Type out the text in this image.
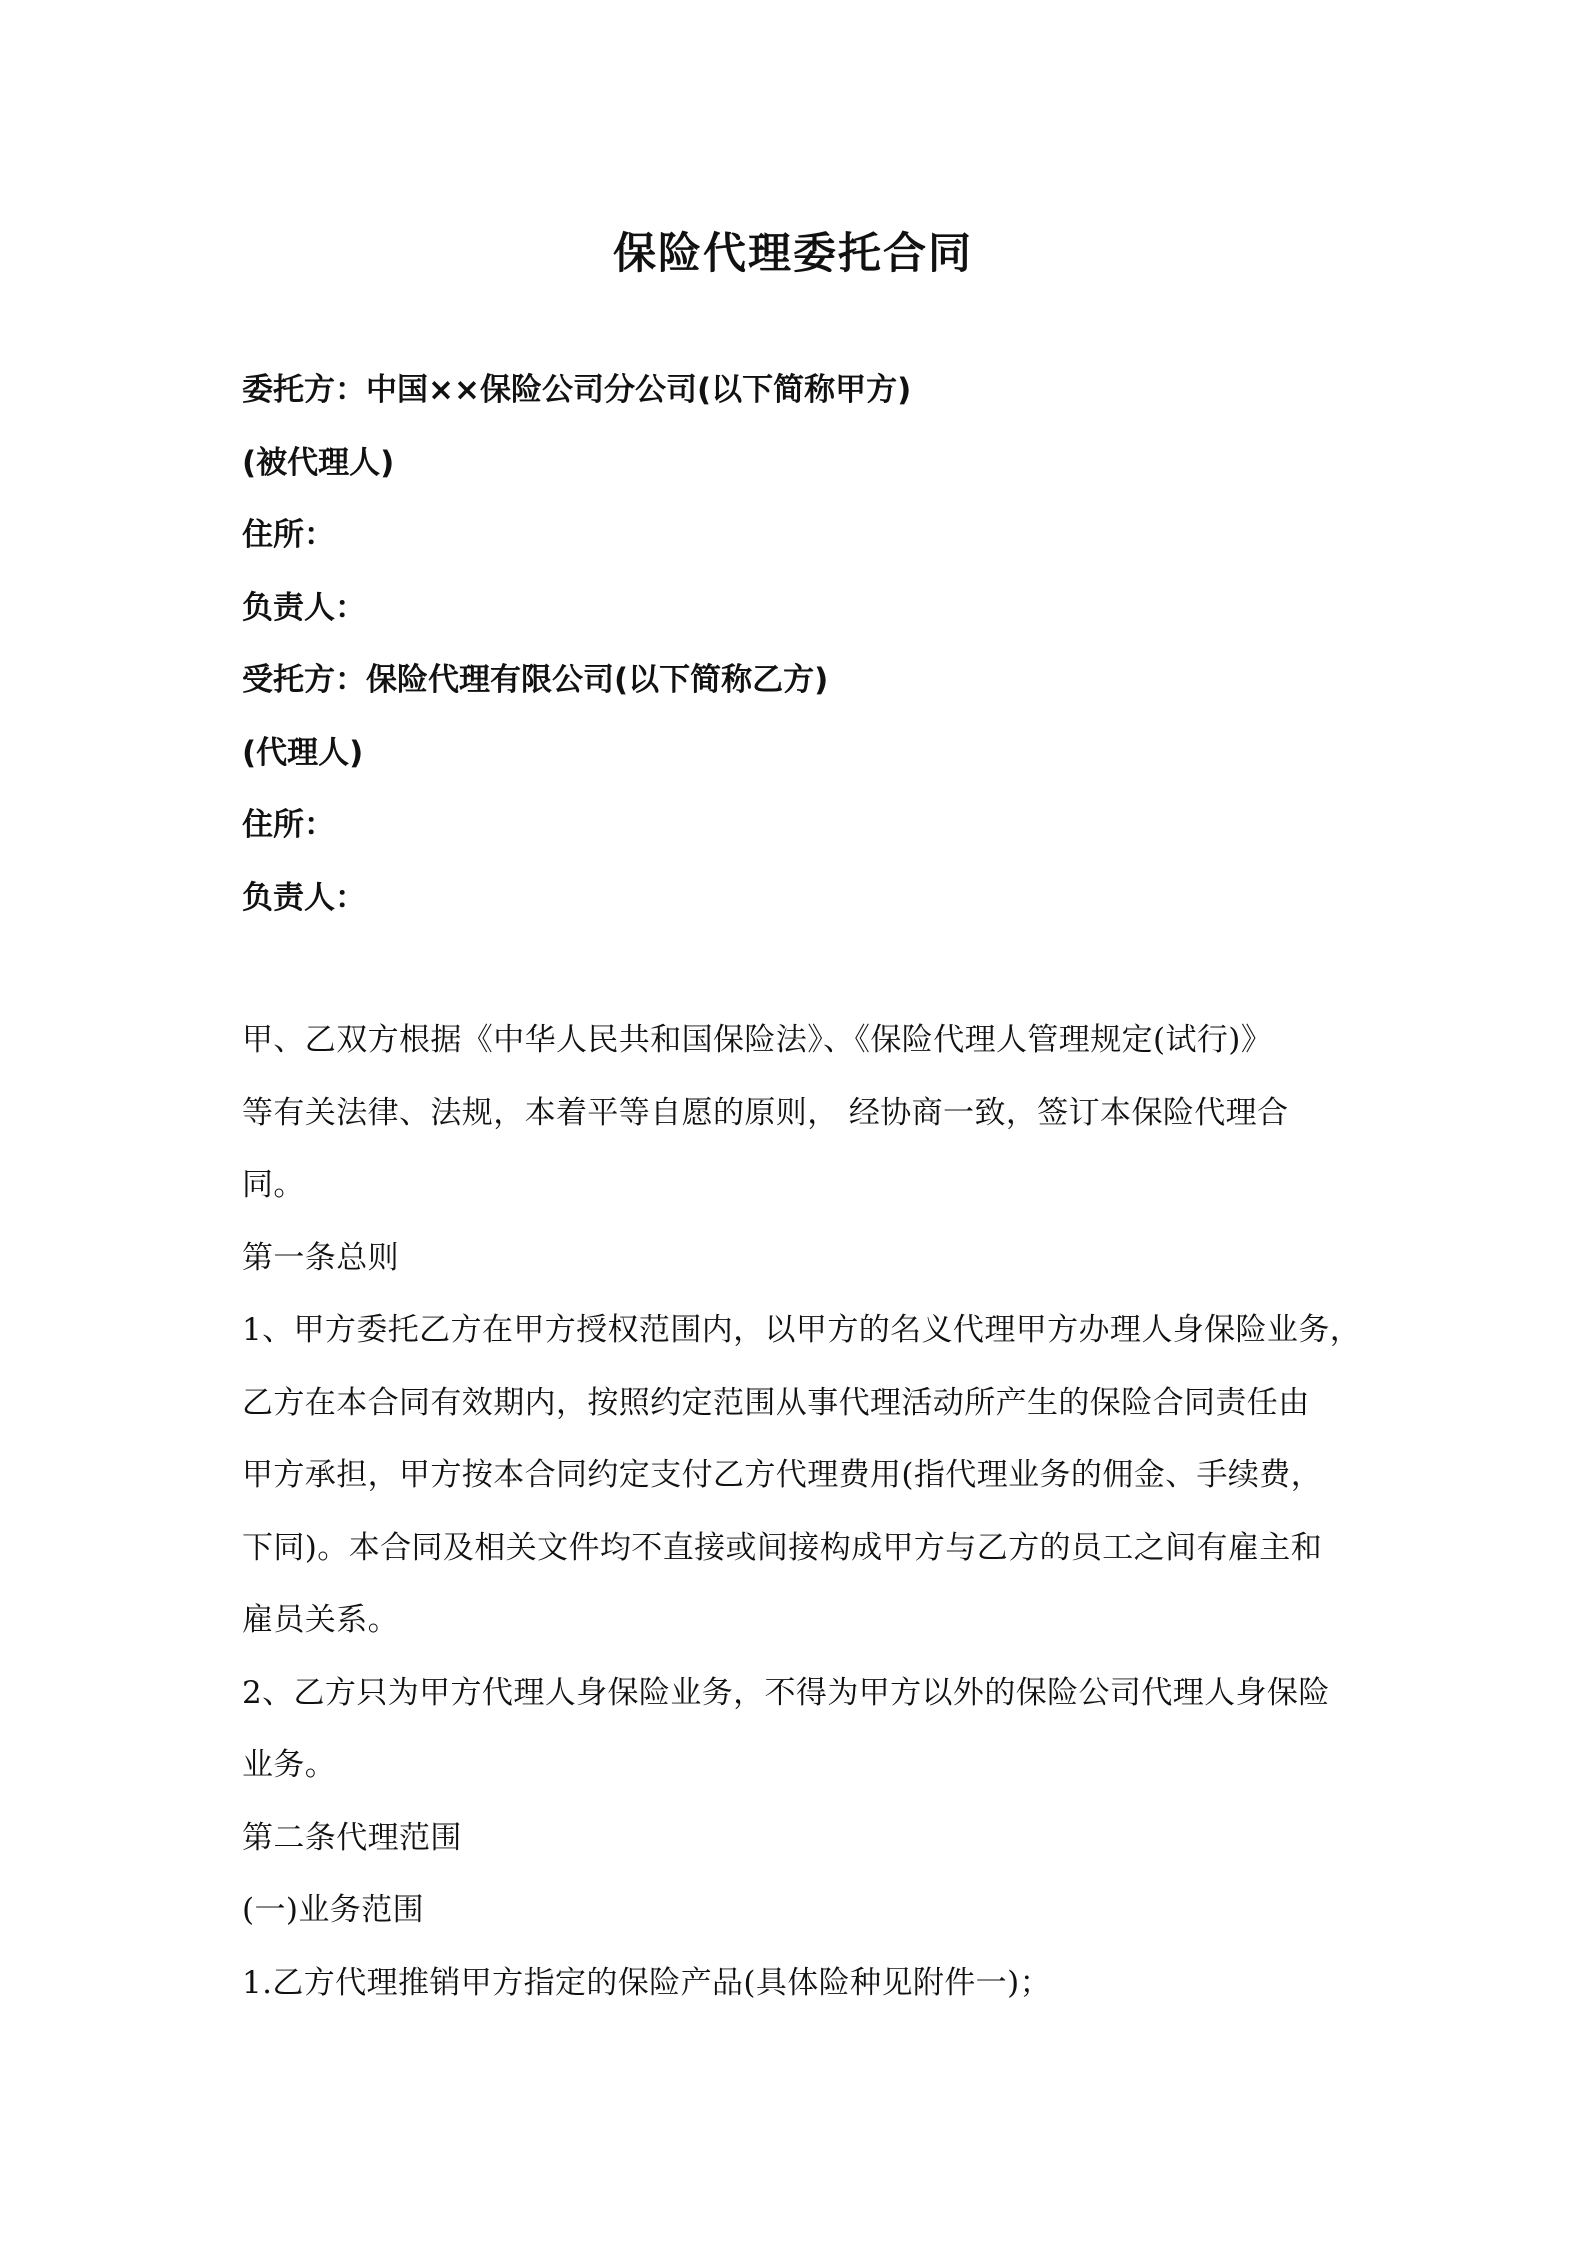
保险代理委托合同
委托方：中国××保险公司分公司(以下简称甲方)
(被代理人)
住所：
负责人：
受托方：保险代理有限公司(以下简称乙方)
(代理人)
住所：
负责人：
甲、乙双方根据《中华人民共和国保险法》、《保险代理人管理规定(试行)》
等有关法律、法规，本着平等自愿的原则， 经协商一致，签订本保险代理合
同。
第一条总则
1、甲方委托乙方在甲方授权范围内，以甲方的名义代理甲方办理人身保险业务，
乙方在本合同有效期内，按照约定范围从事代理活动所产生的保险合同责任由
甲方承担，甲方按本合同约定支付乙方代理费用(指代理业务的佣金、手续费，
下同)。本合同及相关文件均不直接或间接构成甲方与乙方的员工之间有雇主和
雇员关系。
2、乙方只为甲方代理人身保险业务，不得为甲方以外的保险公司代理人身保险
业务。
第二条代理范围
(一)业务范围
1.乙方代理推销甲方指定的保险产品(具体险种见附件一)；
